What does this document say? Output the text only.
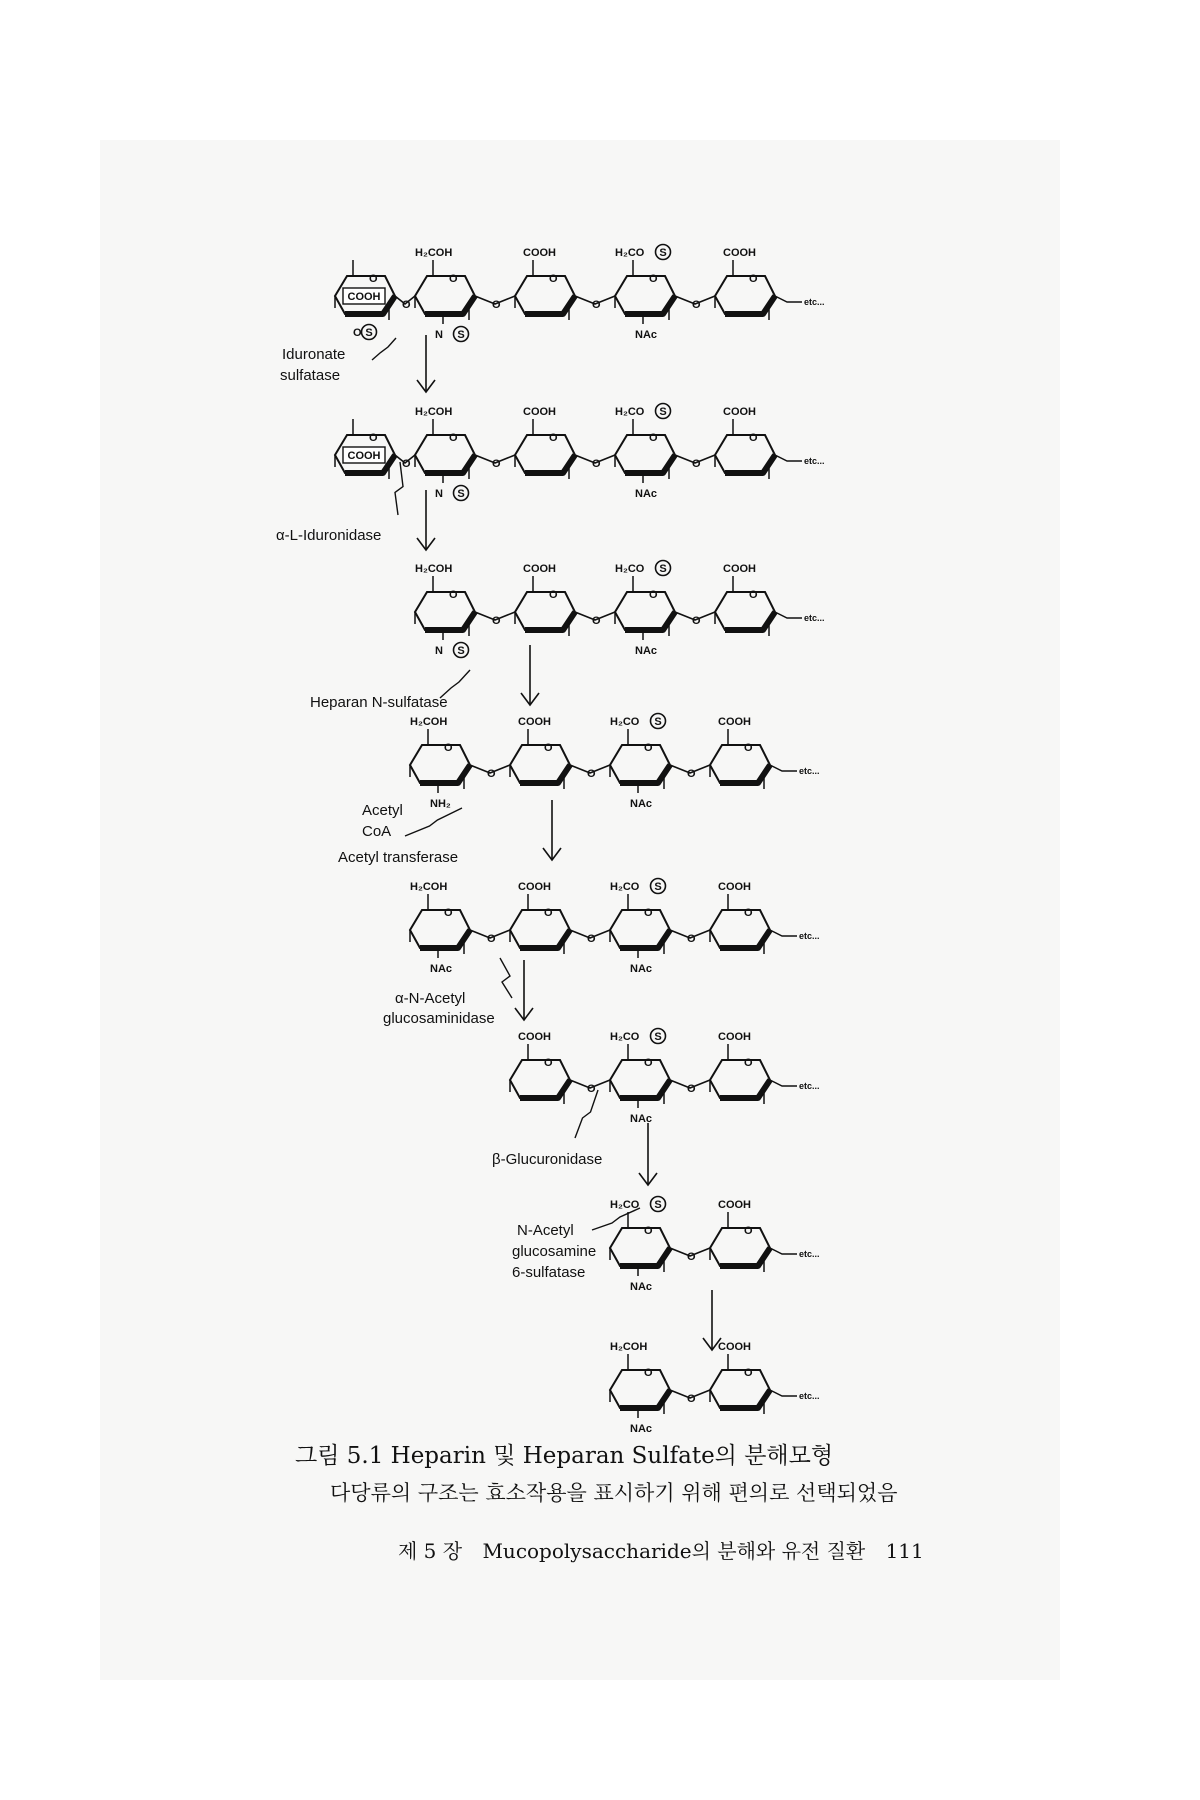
O
COOH
O S
O
O
H₂COH
N S
O
O
COOH
O
O
H₂CO S
NAc
O
O
COOH
etc...
O
COOH
O
O
H₂COH
N S
O
O
COOH
O
O
H₂CO S
NAc
O
O
COOH
etc...
O
H₂COH
N S
O
O
COOH
O
O
H₂CO S
NAc
O
O
COOH
etc...
O
H₂COH
NH₂
O
O
COOH
O
O
H₂CO S
NAc
O
O
COOH
etc...
O
H₂COH
NAc
O
O
COOH
O
O
H₂CO S
NAc
O
O
COOH
etc...
O
COOH
O
O
H₂CO S
NAc
O
O
COOH
etc...
O
H₂CO S
NAc
O
O
COOH
etc...
O
H₂COH
NAc
O
O
COOH
etc...
Iduronate
sulfatase
α-L-Iduronidase
Heparan N-sulfatase
Acetyl
CoA
Acetyl transferase
α-N-Acetyl
glucosaminidase
β-Glucuronidase
N-Acetyl
glucosamine
6-sulfatase
그림 5.1 Heparin 및 Heparan Sulfate의 분해모형
다당류의 구조는 효소작용을 표시하기 위해 편의로 선택되었음
제 5 장 Mucopolysaccharide의 분해와 유전 질환 111
